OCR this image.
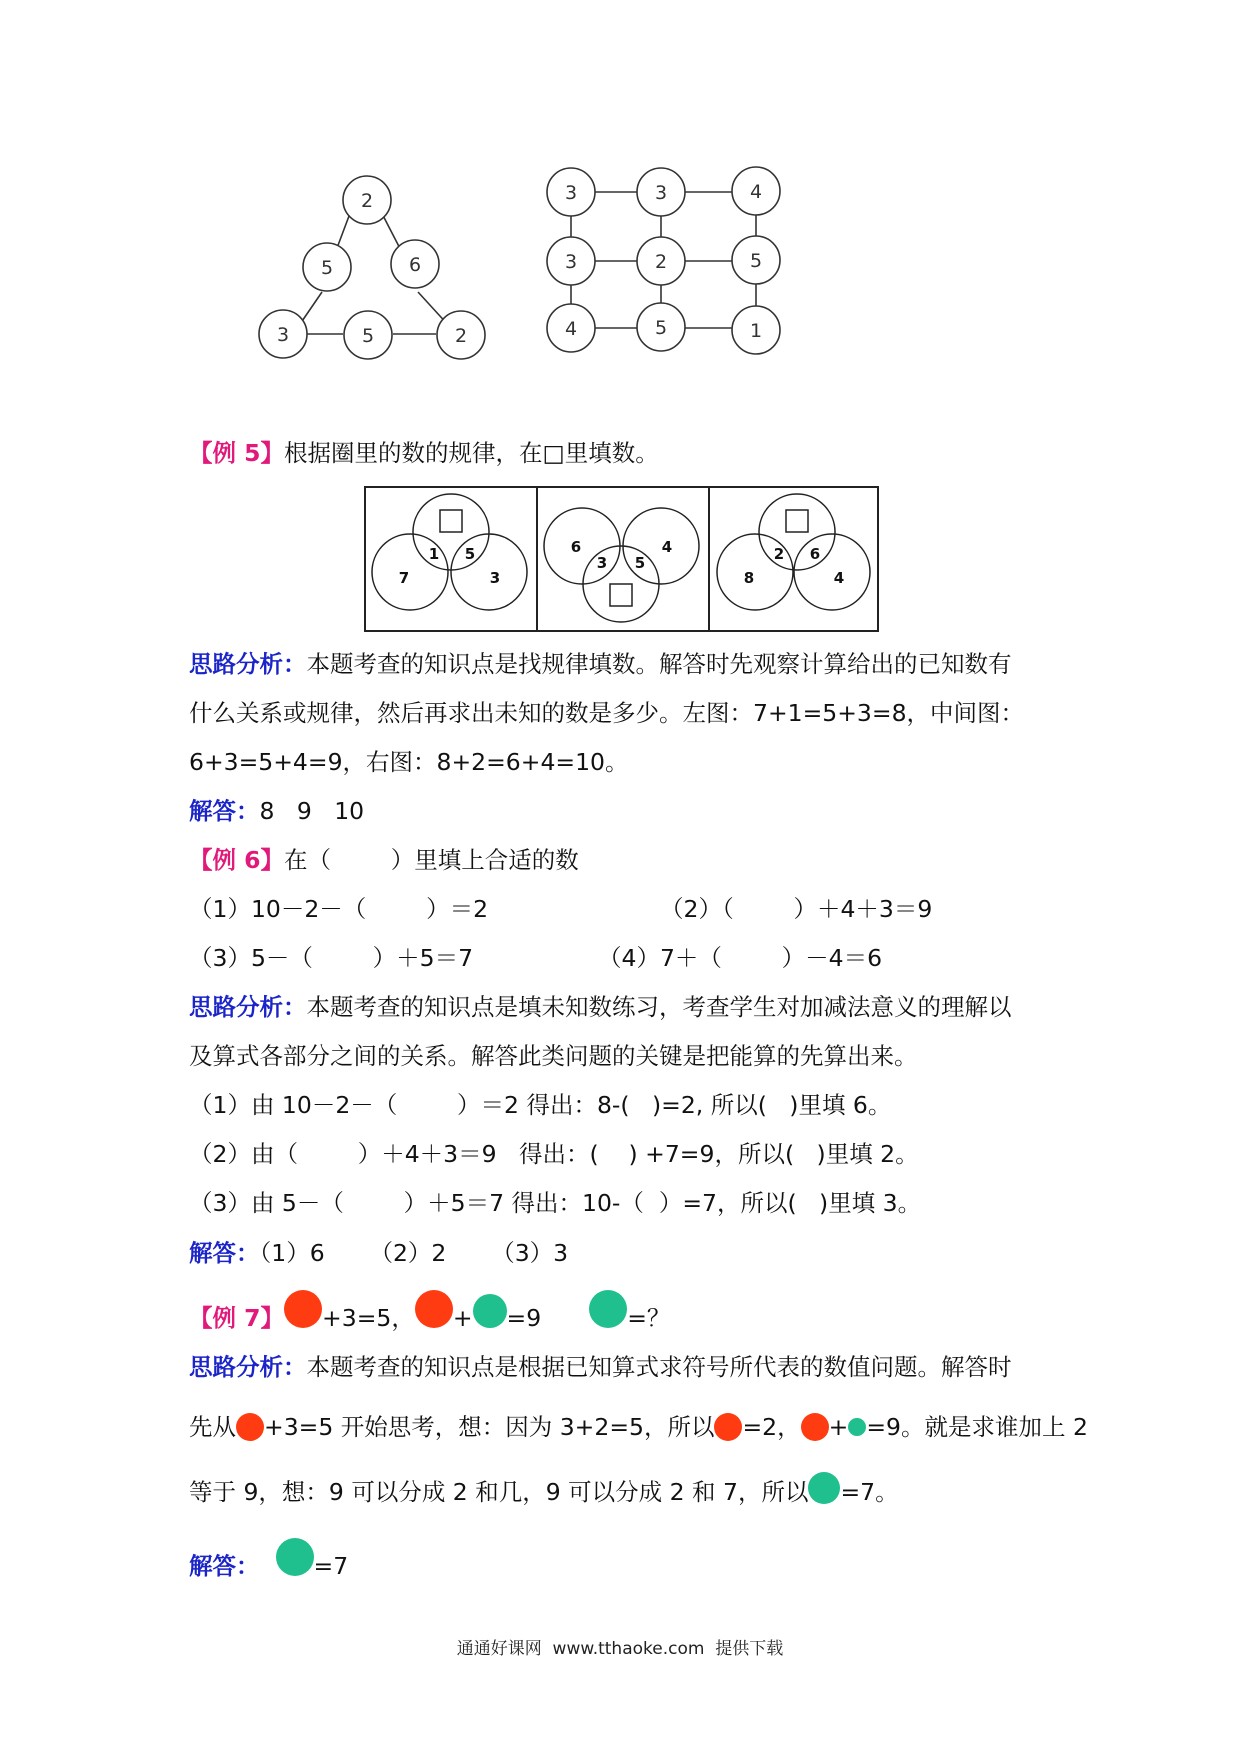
2
5	6
3	5	2
3	3	4
3	2	5
4	5	1
【例 5】根据圈里的数的规律，在□里填数。
7
1 5
3
6
3 5
4
8
2 6
4
思路分析：本题考查的知识点是找规律填数。解答时先观察计算给出的已知数有
什么关系或规律，然后再求出未知的数是多少。左图：7+1=5+3=8，中间图：
6+3=5+4=9，右图：8+2=6+4=10。
解答：8   9   10
【例 6】在（        ）里填上合适的数
（1）10－2－（        ）＝2	（2）（        ）＋4＋3＝9
（3）5－（        ）＋5＝7	（4）7＋（        ）－4＝6
思路分析：本题考查的知识点是填未知数练习，考查学生对加减法意义的理解以
及算式各部分之间的关系。解答此类问题的关键是把能算的先算出来。
（1）由 10－2－（        ）＝2 得出：8-(   )=2, 所以(   )里填 6。
（2）由（        ）＋4＋3＝9   得出：(    ) +7=9，所以(   )里填 2。
（3）由 5－（        ）＋5＝7 得出：10-（  ）=7，所以(   )里填 3。
解答：（1）6      （2）2      （3）3
【例 7】 +3=5， + =9	=？
思路分析：本题考查的知识点是根据已知算式求符号所代表的数值问题。解答时
先从 +3=5 开始思考，想：因为 3+2=5，所以 =2， + =9。就是求谁加上 2
等于 9，想：9 可以分成 2 和几，9 可以分成 2 和 7，所以 =7。
解答： =7
通通好课网  www.tthaoke.com  提供下载
